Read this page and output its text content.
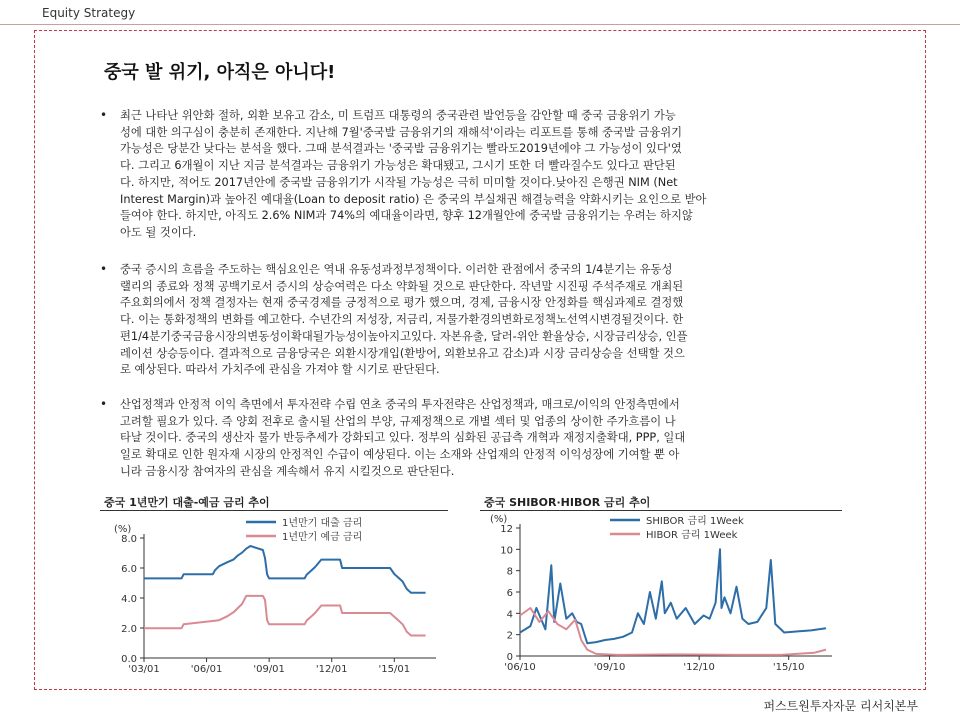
Equity Strategy
중국 발 위기, 아직은 아니다!
• 최근 나타난 위안화 절하, 외환 보유고 감소, 미 트럼프 대통령의 중국관련 발언등을 감안할 때 중국 금융위기 가능
성에 대한 의구심이 충분히 존재한다. 지난해 7월'중국발 금융위기의 재해석'이라는 리포트를 통해 중국발 금융위기
가능성은 당분간 낮다는 분석을 했다. 그때 분석결과는 '중국발 금융위기는 빨라도2019년에야 그 가능성이 있다'였
다. 그리고 6개월이 지난 지금 분석결과는 금융위기 가능성은 확대됐고, 그시기 또한 더 빨라질수도 있다고 판단된
다. 하지만, 적어도 2017년안에 중국발 금융위기가 시작될 가능성은 극히 미미할 것이다.낮아진 은행권 NIM (Net
Interest Margin)과 높아진 예대율(Loan to deposit ratio) 은 중국의 부실채권 해결능력을 약화시키는 요인으로 받아
들여야 한다. 하지만, 아직도 2.6% NIM과 74%의 예대율이라면, 향후 12개월안에 중국발 금융위기는 우려는 하지않
아도 될 것이다.
• 중국 증시의 흐름을 주도하는 핵심요인은 역내 유동성과정부정책이다. 이러한 관점에서 중국의 1/4분기는 유동성
랠리의 종료와 정책 공백기로서 증시의 상승여력은 다소 약화될 것으로 판단한다. 작년말 시진핑 주석주재로 개최된
주요회의에서 정책 결정자는 현재 중국경제를 긍정적으로 평가 했으며, 경제, 금융시장 안정화를 핵심과제로 결정했
다. 이는 통화정책의 변화를 예고한다. 수년간의 저성장, 저금리, 저물가환경의변화로정책노선역시변경될것이다. 한
편1/4분기중국금융시장의변동성이확대될가능성이높아지고있다. 자본유출, 달러-위안 환율상승, 시장금리상승, 인플
레이션 상승등이다. 결과적으로 금융당국은 외환시장개입(환방어, 외환보유고 감소)과 시장 금리상승을 선택할 것으
로 예상된다. 따라서 가치주에 관심을 가져야 할 시기로 판단된다.
• 산업정책과 안정적 이익 측면에서 투자전략 수립 연초 중국의 투자전략은 산업정책과, 매크로/이익의 안정측면에서
고려할 필요가 있다. 즉 양회 전후로 출시될 산업의 부양, 규제정책으로 개별 섹터 및 업종의 상이한 주가흐름이 나
타날 것이다. 중국의 생산자 물가 반등추세가 강화되고 있다. 정부의 심화된 공급측 개혁과 재정지출확대, PPP, 일대
일로 확대로 인한 원자재 시장의 안정적인 수급이 예상된다. 이는 소재와 산업재의 안정적 이익성장에 기여할 뿐 아
니라 금융시장 참여자의 관심을 계속해서 유지 시킬것으로 판단된다.
중국 1년만기 대출-예금 금리 추이	중국 SHIBOR·HIBOR 금리 추이
(%)
0.0
2.0
4.0
6.0
8.0
'03/01	'06/01	'09/01	'12/01	'15/01
1년만기 대출 금리
1년만기 예금 금리
(%)
0
2
4
6
8
10
12
'06/10	'09/10	'12/10	'15/10
SHIBOR 금리 1Week
HIBOR 금리 1Week
퍼스트원투자자문 리서치본부
